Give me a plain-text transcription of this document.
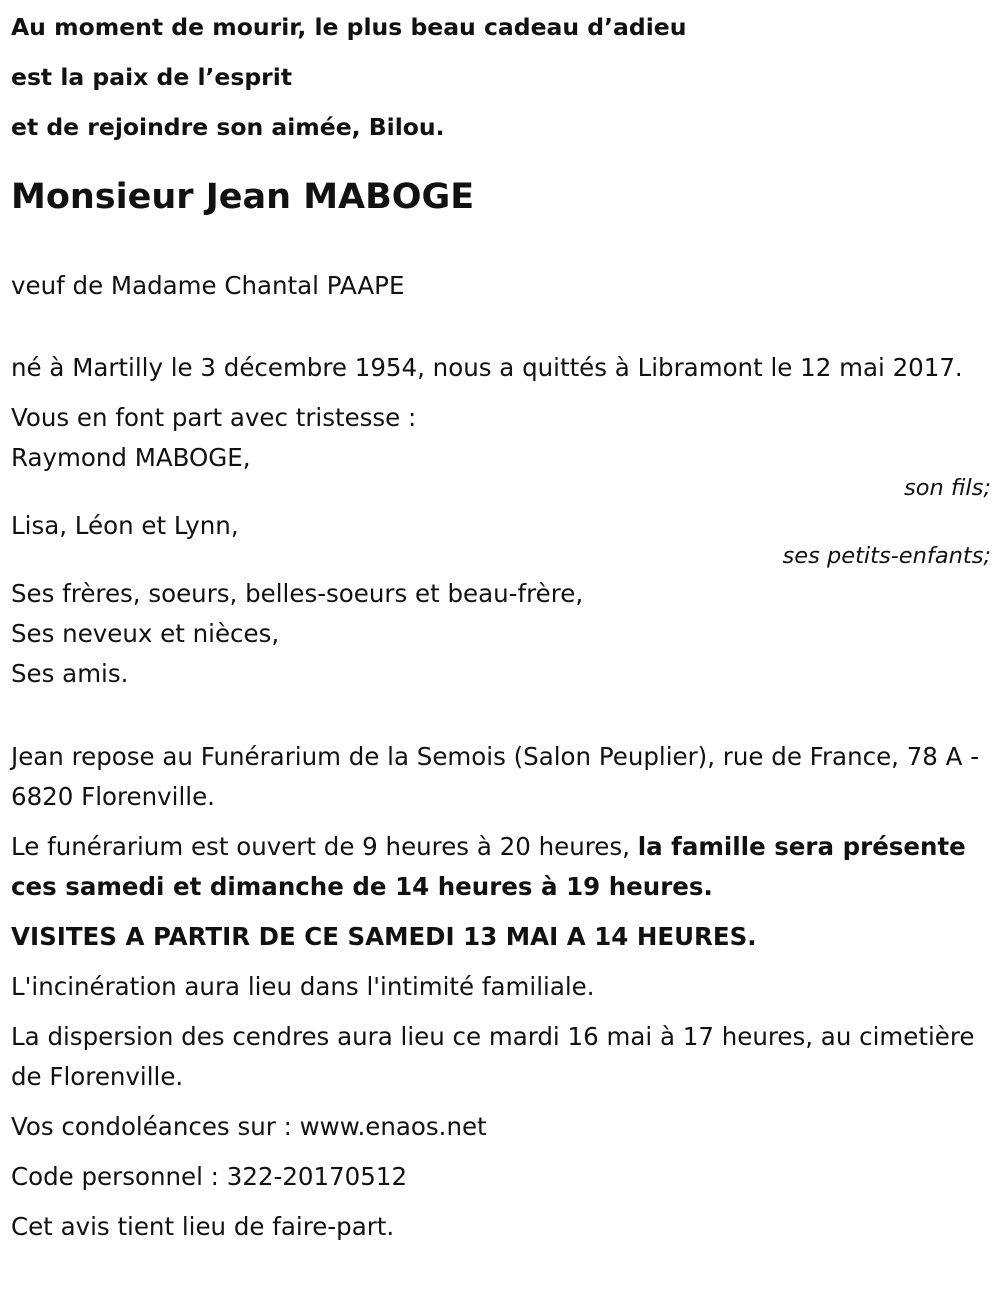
Au moment de mourir, le plus beau cadeau d’adieu
est la paix de l’esprit
et de rejoindre son aimée, Bilou.
Monsieur Jean MABOGE

veuf de Madame Chantal PAAPE

né à Martilly le 3 décembre 1954, nous a quittés à Libramont le 12 mai 2017.

Vous en font part avec tristesse :
Raymond MABOGE,
son fils;
Lisa, Léon et Lynn,
ses petits-enfants;
Ses frères, soeurs, belles-soeurs et beau-frère,
Ses neveux et nièces,
Ses amis.

Jean repose au Funérarium de la Semois (Salon Peuplier), rue de France, 78 A - 6820 Florenville.

Le funérarium est ouvert de 9 heures à 20 heures, la famille sera présente ces samedi et dimanche de 14 heures à 19 heures.

VISITES A PARTIR DE CE SAMEDI 13 MAI A 14 HEURES.

L'incinération aura lieu dans l'intimité familiale.

La dispersion des cendres aura lieu ce mardi 16 mai à 17 heures, au cimetière de Florenville.

Vos condoléances sur : www.enaos.net

Code personnel : 322-20170512

Cet avis tient lieu de faire-part.
